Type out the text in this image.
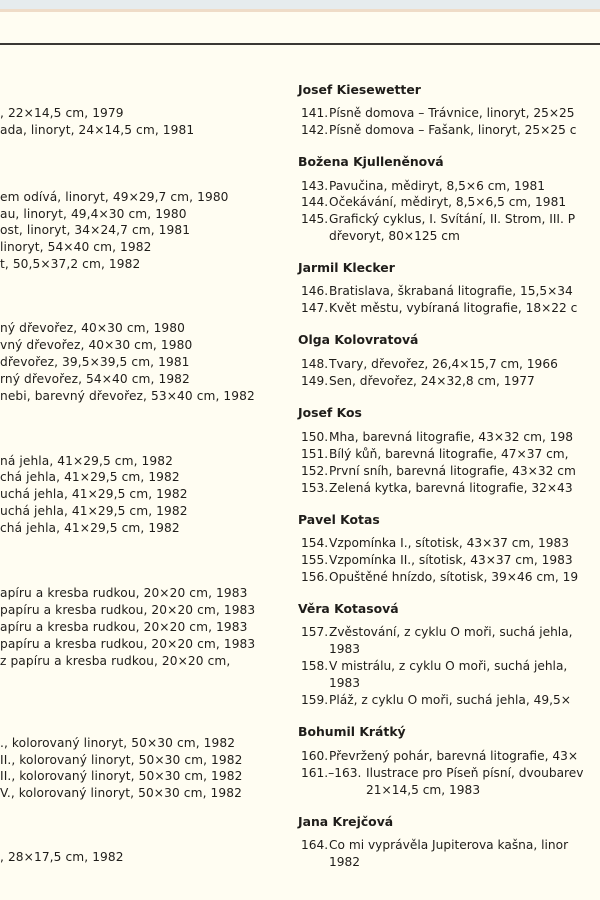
, 22×14,5 cm, 1979
ada, linoryt, 24×14,5 cm, 1981
em odívá, linoryt, 49×29,7 cm, 1980
au, linoryt, 49,4×30 cm, 1980
ost, linoryt, 34×24,7 cm, 1981
linoryt, 54×40 cm, 1982
t, 50,5×37,2 cm, 1982
ný dřevořez, 40×30 cm, 1980
vný dřevořez, 40×30 cm, 1980
dřevořez, 39,5×39,5 cm, 1981
rný dřevořez, 54×40 cm, 1982
nebi, barevný dřevořez, 53×40 cm, 1982
ná jehla, 41×29,5 cm, 1982
chá jehla, 41×29,5 cm, 1982
uchá jehla, 41×29,5 cm, 1982
uchá jehla, 41×29,5 cm, 1982
chá jehla, 41×29,5 cm, 1982
apíru a kresba rudkou, 20×20 cm, 1983
papíru a kresba rudkou, 20×20 cm, 1983
apíru a kresba rudkou, 20×20 cm, 1983
papíru a kresba rudkou, 20×20 cm, 1983
z papíru a kresba rudkou, 20×20 cm,
., kolorovaný linoryt, 50×30 cm, 1982
II., kolorovaný linoryt, 50×30 cm, 1982
II., kolorovaný linoryt, 50×30 cm, 1982
V., kolorovaný linoryt, 50×30 cm, 1982
, 28×17,5 cm, 1982
Josef Kiesewetter
141. Písně domova – Trávnice, linoryt, 25×25
142. Písně domova – Fašank, linoryt, 25×25 c
Božena Kjulleněnová
143. Pavučina, mědiryt, 8,5×6 cm, 1981
144. Očekávání, mědiryt, 8,5×6,5 cm, 1981
145. Grafický cyklus, I. Svítání, II. Strom, III. P
dřevoryt, 80×125 cm
Jarmil Klecker
146. Bratislava, škrabaná litografie, 15,5×34
147. Květ městu, vybíraná litografie, 18×22 c
Olga Kolovratová
148. Tvary, dřevořez, 26,4×15,7 cm, 1966
149. Sen, dřevořez, 24×32,8 cm, 1977
Josef Kos
150. Mha, barevná litografie, 43×32 cm, 198
151. Bílý kůň, barevná litografie, 47×37 cm,
152. První sníh, barevná litografie, 43×32 cm
153. Zelená kytka, barevná litografie, 32×43
Pavel Kotas
154. Vzpomínka I., sítotisk, 43×37 cm, 1983
155. Vzpomínka II., sítotisk, 43×37 cm, 1983
156. Opuštěné hnízdo, sítotisk, 39×46 cm, 19
Věra Kotasová
157. Zvěstování, z cyklu O moři, suchá jehla,
1983
158. V mistrálu, z cyklu O moři, suchá jehla,
1983
159. Pláž, z cyklu O moři, suchá jehla, 49,5×
Bohumil Krátký
160. Převržený pohár, barevná litografie, 43×
161.–163. Ilustrace pro Píseň písní, dvoubarev
21×14,5 cm, 1983
Jana Krejčová
164. Co mi vyprávěla Jupiterova kašna, linor
1982
